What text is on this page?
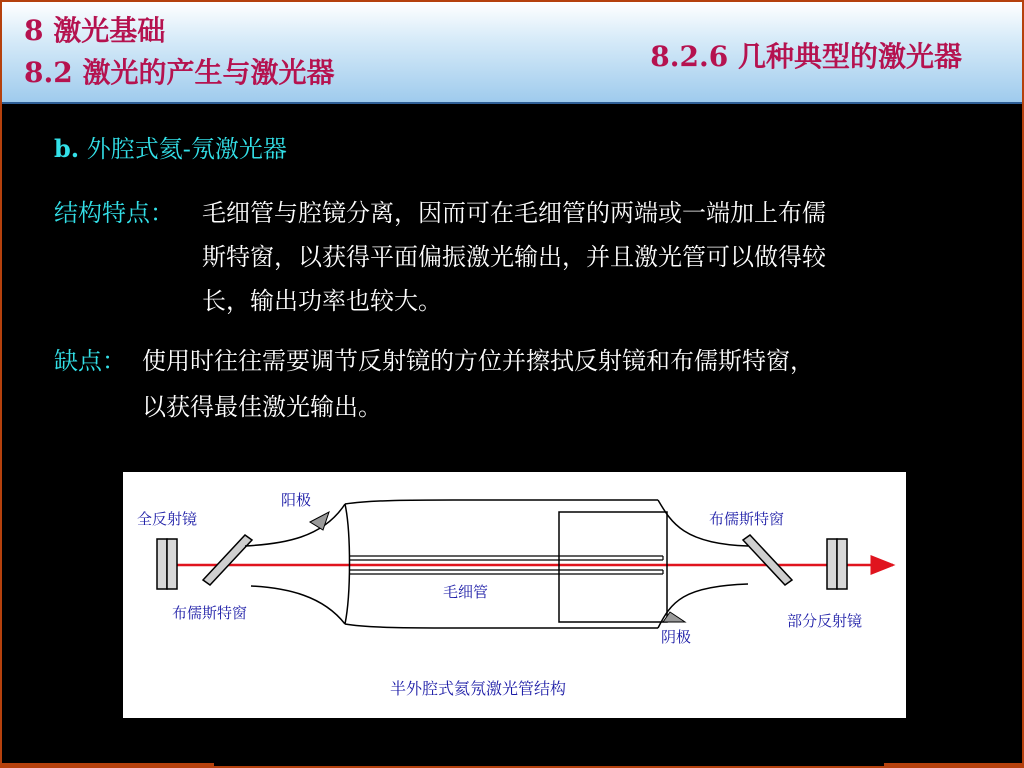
8 激光基础
8.2 激光的产生与激光器	8.2.6 几种典型的激光器
b. 外腔式氦-氖激光器
结构特点： 毛细管与腔镜分离，因而可在毛细管的两端或一端加上布儒
斯特窗，以获得平面偏振激光输出，并且激光管可以做得较
长，输出功率也较大。
缺点： 使用时往往需要调节反射镜的方位并擦拭反射镜和布儒斯特窗，
以获得最佳激光输出。
全反射镜
阳极
布儒斯特窗
布儒斯特窗
毛细管
部分反射镜
阴极
半外腔式氦氖激光管结构
